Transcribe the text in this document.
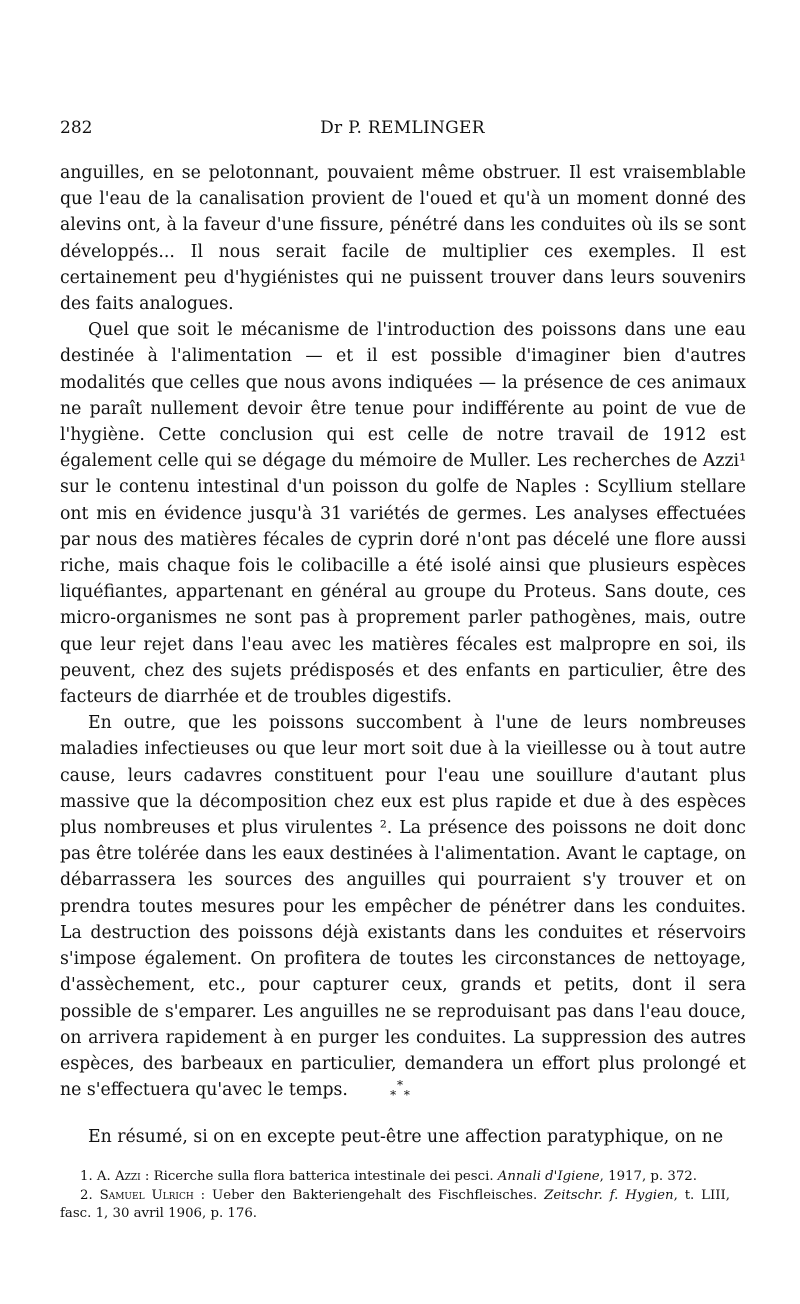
282	Dr P. REMLINGER

anguilles, en se pelotonnant, pouvaient même obstruer. Il est vraisemblable que l'eau de la canalisation provient de l'oued et qu'à un moment donné des alevins ont, à la faveur d'une fissure, pénétré dans les conduites où ils se sont développés... Il nous serait facile de multiplier ces exemples. Il est certainement peu d'hygiénistes qui ne puissent trouver dans leurs souvenirs des faits analogues.

Quel que soit le mécanisme de l'introduction des poissons dans une eau destinée à l'alimentation — et il est possible d'imaginer bien d'autres modalités que celles que nous avons indiquées — la présence de ces animaux ne paraît nullement devoir être tenue pour indifférente au point de vue de l'hygiène. Cette conclusion qui est celle de notre travail de 1912 est également celle qui se dégage du mémoire de Muller. Les recherches de Azzi¹ sur le contenu intestinal d'un poisson du golfe de Naples : Scyllium stellare ont mis en évidence jusqu'à 31 variétés de germes. Les analyses effectuées par nous des matières fécales de cyprin doré n'ont pas décelé une flore aussi riche, mais chaque fois le colibacille a été isolé ainsi que plusieurs espèces liquéfiantes, appartenant en général au groupe du Proteus. Sans doute, ces micro-organismes ne sont pas à proprement parler pathogènes, mais, outre que leur rejet dans l'eau avec les matières fécales est malpropre en soi, ils peuvent, chez des sujets prédisposés et des enfants en particulier, être des facteurs de diarrhée et de troubles digestifs.

En outre, que les poissons succombent à l'une de leurs nombreuses maladies infectieuses ou que leur mort soit due à la vieillesse ou à tout autre cause, leurs cadavres constituent pour l'eau une souillure d'autant plus massive que la décomposition chez eux est plus rapide et due à des espèces plus nombreuses et plus virulentes ². La présence des poissons ne doit donc pas être tolérée dans les eaux destinées à l'alimentation. Avant le captage, on débarrassera les sources des anguilles qui pourraient s'y trouver et on prendra toutes mesures pour les empêcher de pénétrer dans les conduites. La destruction des poissons déjà existants dans les conduites et réservoirs s'impose également. On profitera de toutes les circonstances de nettoyage, d'assèchement, etc., pour capturer ceux, grands et petits, dont il sera possible de s'emparer. Les anguilles ne se reproduisant pas dans l'eau douce, on arrivera rapidement à en purger les conduites. La suppression des autres espèces, des barbeaux en particulier, demandera un effort plus prolongé et ne s'effectuera qu'avec le temps.	*
* *
En résumé, si on en excepte peut-être une affection paratyphique, on ne

1. A. Azzi : Ricerche sulla flora batterica intestinale dei pesci. Annali d'Igiene, 1917, p. 372.

2. Samuel Ulrich : Ueber den Bakteriengehalt des Fischfleisches. Zeitschr. f. Hygien, t. LIII, fasc. 1, 30 avril 1906, p. 176.
